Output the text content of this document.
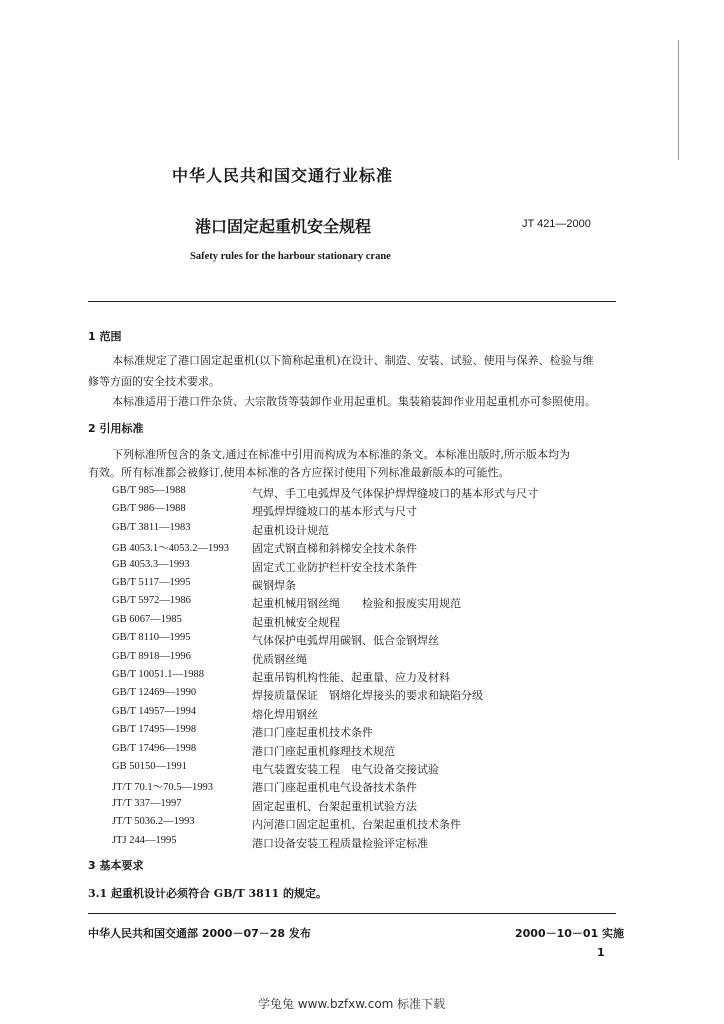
中华人民共和国交通行业标准
港口固定起重机安全规程	JT 421—2000
Safety rules for the harbour stationary crane
1 范围
本标准规定了港口固定起重机(以下简称起重机)在设计、制造、安装、试验、使用与保养、检验与维
修等方面的安全技术要求。
本标准适用于港口件杂货、大宗散货等装卸作业用起重机。集装箱装卸作业用起重机亦可参照使用。
2 引用标准
下列标准所包含的条文,通过在标准中引用而构成为本标准的条文。本标准出版时,所示版本均为
有效。所有标准都会被修订,使用本标准的各方应探讨使用下列标准最新版本的可能性。
GB/T 985—1988	气焊、手工电弧焊及气体保护焊焊缝坡口的基本形式与尺寸
GB/T 986—1988	埋弧焊焊缝坡口的基本形式与尺寸
GB/T 3811—1983	起重机设计规范
GB 4053.1～4053.2—1993 固定式钢直梯和斜梯安全技术条件
GB 4053.3—1993	固定式工业防护栏杆安全技术条件
GB/T 5117—1995	碳钢焊条
GB/T 5972—1986	起重机械用钢丝绳　　检验和报废实用规范
GB 6067—1985	起重机械安全规程
GB/T 8110—1995	气体保护电弧焊用碳钢、低合金钢焊丝
GB/T 8918—1996	优质钢丝绳
GB/T 10051.1—1988	起重吊钩机构性能、起重量、应力及材料
GB/T 12469—1990	焊接质量保证　钢熔化焊接头的要求和缺陷分级
GB/T 14957—1994	熔化焊用钢丝
GB/T 17495—1998	港口门座起重机技术条件
GB/T 17496—1998	港口门座起重机修理技术规范
GB 50150—1991	电气装置安装工程　电气设备交接试验
JT/T 70.1～70.5—1993	港口门座起重机电气设备技术条件
JT/T 337—1997	固定起重机、台架起重机试验方法
JT/T 5036.2—1993	内河港口固定起重机、台架起重机技术条件
JTJ 244—1995	港口设备安装工程质量检验评定标准
3 基本要求
3.1 起重机设计必须符合 GB/T 3811 的规定。
中华人民共和国交通部 2000－07－28 发布	2000－10－01 实施
1
学兔兔 www.bzfxw.com 标准下载
